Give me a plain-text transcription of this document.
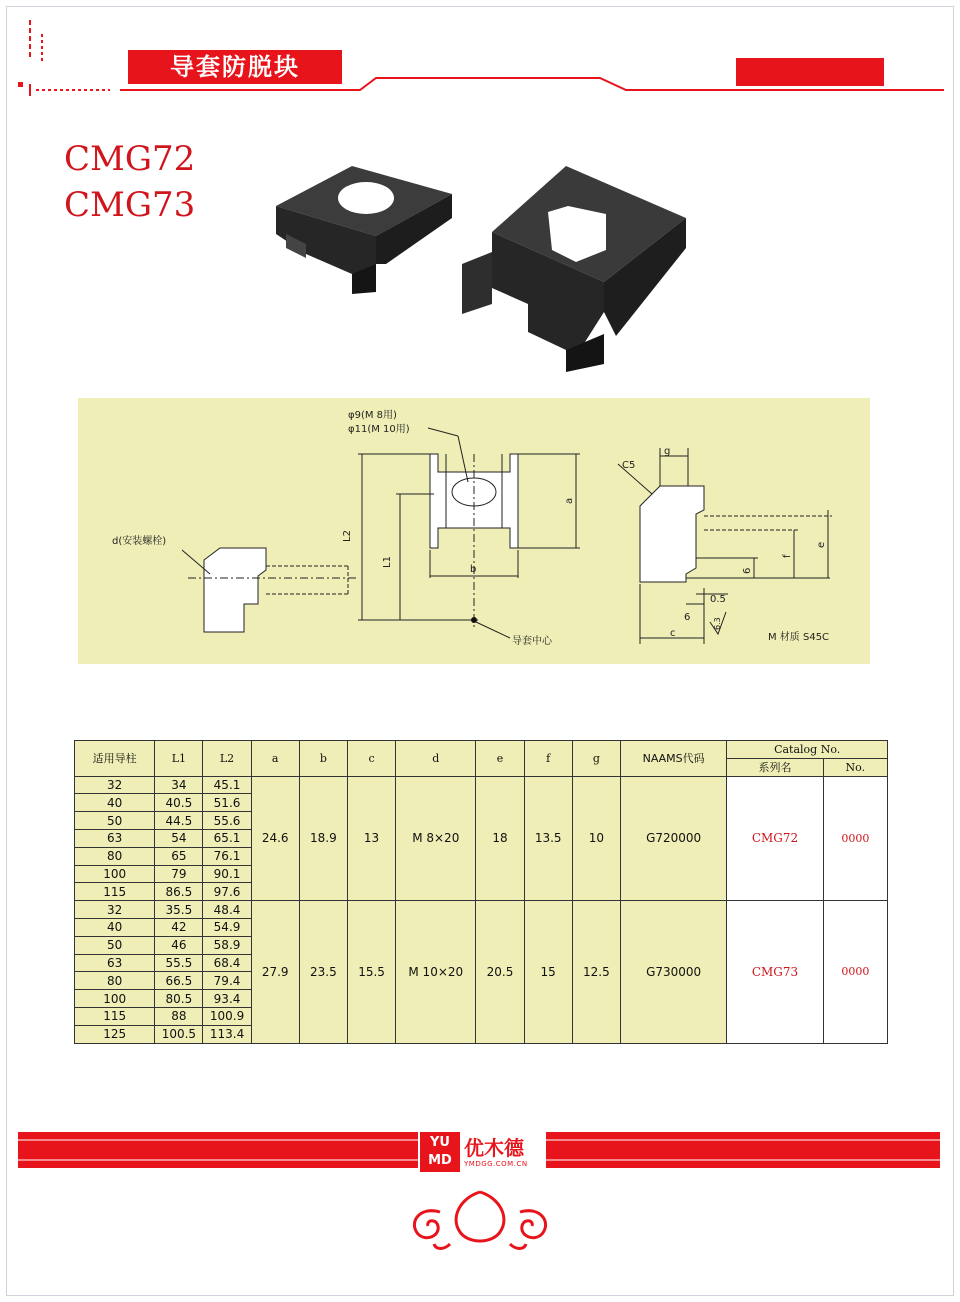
导套防脱块
CMG72
CMG73
φ9(M 8用)
φ11(M 10用)
d(安装螺栓)
导套中心	M 材质 S45C
L2
L1
a
b
g
C5
e
f
6
0.5
6
c
6.3
适用导柱	L1	L2	a	b	c	d	e	f	g	NAAMS代码	Catalog No.	
											系列名	No.
32	34	45.1	24.6	18.9	13	M 8×20	18	13.5	10	G720000	CMG72	0000
40	40.5	51.6										
50	44.5	55.6										
63	54	65.1										
80	65	76.1										
100	79	90.1										
115	86.5	97.6										
32	35.5	48.4	27.9	23.5	15.5	M 10×20	20.5	15	12.5	G730000	CMG73	0000
40	42	54.9										
50	46	58.9										
63	55.5	68.4										
80	66.5	79.4										
100	80.5	93.4										
115	88	100.9										
125	100.5	113.4										
YU
MD
优木德
YMDGG.COM.CN
